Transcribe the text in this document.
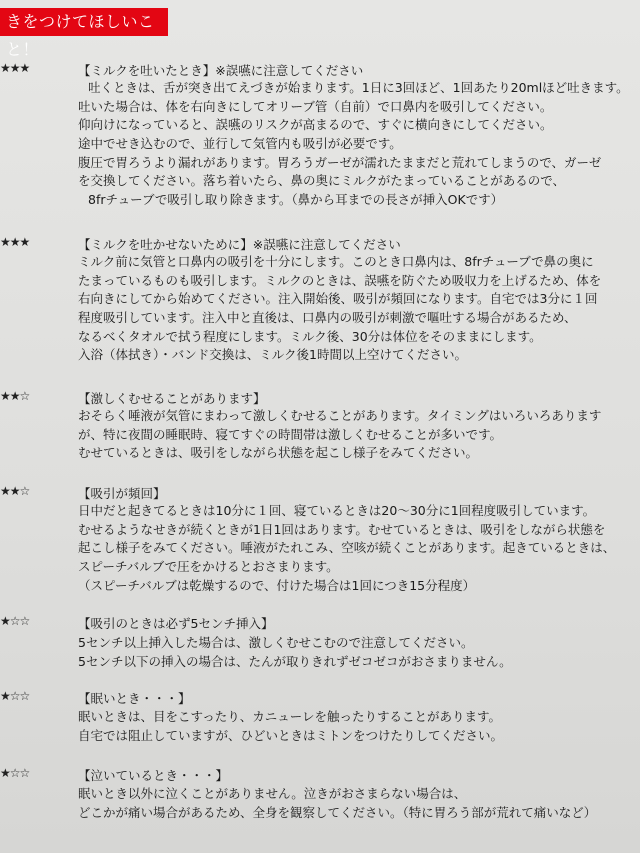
きをつけてほしいこと！
★★★	【ミルクを吐いたとき】※誤嚥に注意してください
吐くときは、舌が突き出てえづきが始まります。1日に3回ほど、1回あたり20mlほど吐きます。
吐いた場合は、体を右向きにしてオリーブ管（自前）で口鼻内を吸引してください。
仰向けになっていると、誤嚥のリスクが高まるので、すぐに横向きにしてください。
途中でせき込むので、並行して気管内も吸引が必要です。
腹圧で胃ろうより漏れがあります。胃ろうガーゼが濡れたままだと荒れてしまうので、ガーゼ
を交換してください。落ち着いたら、鼻の奥にミルクがたまっていることがあるので、
8frチューブで吸引し取り除きます。（鼻から耳までの長さが挿入OKです）
★★★	【ミルクを吐かせないために】※誤嚥に注意してください
ミルク前に気管と口鼻内の吸引を十分にします。このとき口鼻内は、8frチューブで鼻の奥に
たまっているものも吸引します。ミルクのときは、誤嚥を防ぐため吸収力を上げるため、体を
右向きにしてから始めてください。注入開始後、吸引が頻回になります。自宅では3分に１回
程度吸引しています。注入中と直後は、口鼻内の吸引が刺激で嘔吐する場合があるため、
なるべくタオルで拭う程度にします。ミルク後、30分は体位をそのままにします。
入浴（体拭き）・バンド交換は、ミルク後1時間以上空けてください。
★★☆	【激しくむせることがあります】
おそらく唾液が気管にまわって激しくむせることがあります。タイミングはいろいろあります
が、特に夜間の睡眠時、寝てすぐの時間帯は激しくむせることが多いです。
むせているときは、吸引をしながら状態を起こし様子をみてください。
★★☆	【吸引が頻回】
日中だと起きてるときは10分に１回、寝ているときは20～30分に1回程度吸引しています。
むせるようなせきが続くときが1日1回はあります。むせているときは、吸引をしながら状態を
起こし様子をみてください。唾液がたれこみ、空咳が続くことがあります。起きているときは、
スピーチバルブで圧をかけるとおさまります。
（スピーチバルブは乾燥するので、付けた場合は1回につき15分程度）
★☆☆	【吸引のときは必ず5センチ挿入】
5センチ以上挿入した場合は、激しくむせこむので注意してください。
5センチ以下の挿入の場合は、たんが取りきれずゼコゼコがおさまりません。
★☆☆	【眠いとき・・・】
眠いときは、目をこすったり、カニューレを触ったりすることがあります。
自宅では阻止していますが、ひどいときはミトンをつけたりしてください。
★☆☆	【泣いているとき・・・】
眠いとき以外に泣くことがありません。泣きがおさまらない場合は、
どこかが痛い場合があるため、全身を観察してください。（特に胃ろう部が荒れて痛いなど）
